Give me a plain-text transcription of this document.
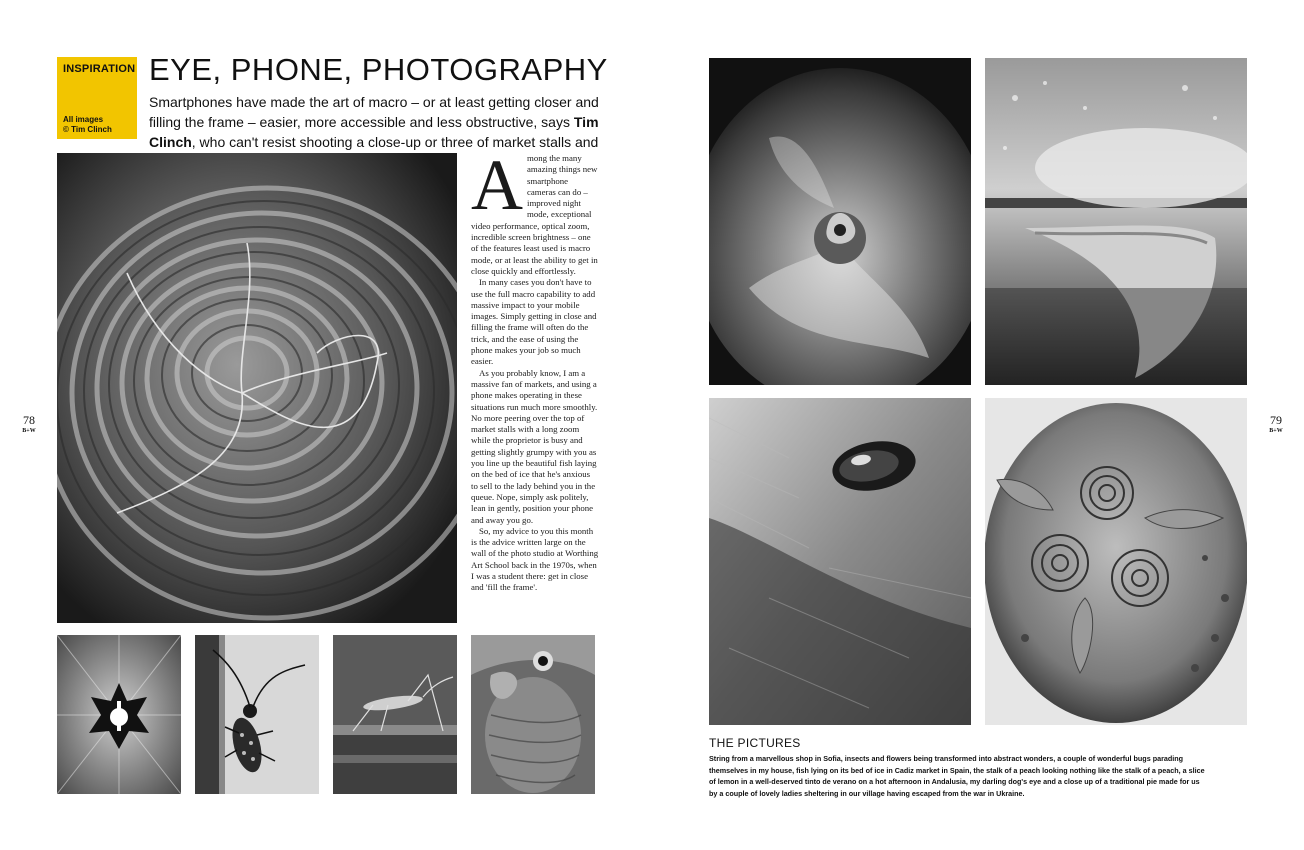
INSPIRATION
All images
© Tim Clinch
EYE, PHONE, PHOTOGRAPHY
Smartphones have made the art of macro – or at least getting closer and filling the frame – easier, more accessible and less obstructive, says Tim Clinch, who can't resist shooting a close-up or three of market stalls and
A mong the many amazing things new smartphone cameras can do – improved night mode, exceptional video performance, optical zoom, incredible screen brightness – one of the features least used is macro mode, or at least the ability to get in close quickly and effortlessly.

In many cases you don't have to use the full macro capability to add massive impact to your mobile images. Simply getting in close and filling the frame will often do the trick, and the ease of using the phone makes your job so much easier.

As you probably know, I am a massive fan of markets, and using a phone makes operating in these situations run much more smoothly. No more peering over the top of market stalls with a long zoom while the proprietor is busy and getting slightly grumpy with you as you line up the beautiful fish laying on the bed of ice that he's anxious to sell to the lady behind you in the queue. Nope, simply ask politely, lean in gently, position your phone and away you go.

So, my advice to you this month is the advice written large on the wall of the photo studio at Worthing Art School back in the 1970s, when I was a student there: get in close and 'fill the frame'.

78
B+W
79
B+W
THE PICTURES
String from a marvellous shop in Sofia, insects and flowers being transformed into abstract wonders, a couple of wonderful bugs parading themselves in my house, fish lying on its bed of ice in Cadiz market in Spain, the stalk of a peach looking nothing like the stalk of a peach, a slice of lemon in a well-deserved tinto de verano on a hot afternoon in Andalusia, my darling dog's eye and a close up of a traditional pie made for us by a couple of lovely ladies sheltering in our village having escaped from the war in Ukraine.
